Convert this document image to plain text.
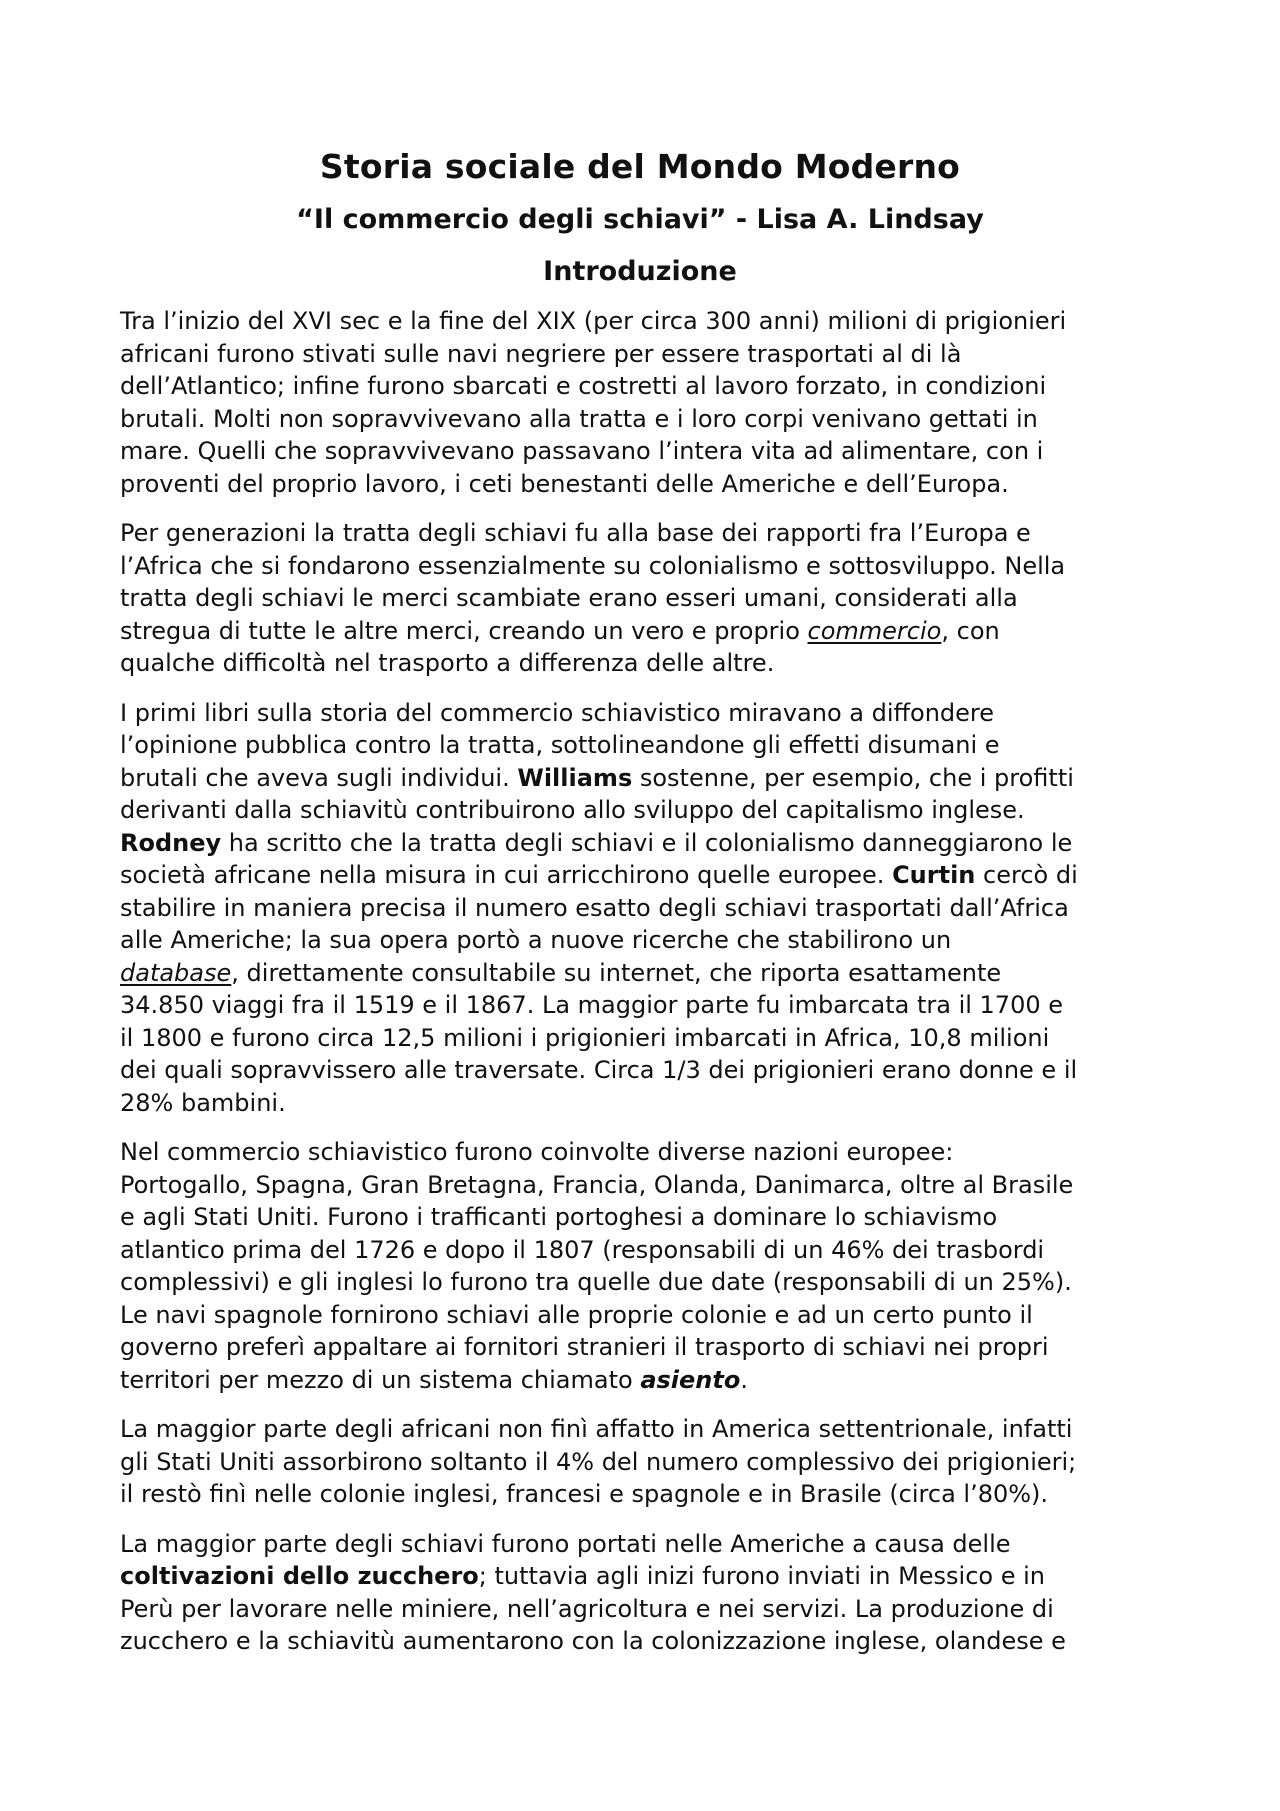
Storia sociale del Mondo Moderno
“Il commercio degli schiavi” - Lisa A. Lindsay
Introduzione

Tra l’inizio del XVI sec e la fine del XIX (per circa 300 anni) milioni di prigionieri
africani furono stivati sulle navi negriere per essere trasportati al di là
dell’Atlantico; infine furono sbarcati e costretti al lavoro forzato, in condizioni
brutali. Molti non sopravvivevano alla tratta e i loro corpi venivano gettati in
mare. Quelli che sopravvivevano passavano l’intera vita ad alimentare, con i
proventi del proprio lavoro, i ceti benestanti delle Americhe e dell’Europa.

Per generazioni la tratta degli schiavi fu alla base dei rapporti fra l’Europa e
l’Africa che si fondarono essenzialmente su colonialismo e sottosviluppo. Nella
tratta degli schiavi le merci scambiate erano esseri umani, considerati alla
stregua di tutte le altre merci, creando un vero e proprio commercio, con
qualche difficoltà nel trasporto a differenza delle altre.

I primi libri sulla storia del commercio schiavistico miravano a diffondere
l’opinione pubblica contro la tratta, sottolineandone gli effetti disumani e
brutali che aveva sugli individui. Williams sostenne, per esempio, che i profitti
derivanti dalla schiavitù contribuirono allo sviluppo del capitalismo inglese.
Rodney ha scritto che la tratta degli schiavi e il colonialismo danneggiarono le
società africane nella misura in cui arricchirono quelle europee. Curtin cercò di
stabilire in maniera precisa il numero esatto degli schiavi trasportati dall’Africa
alle Americhe; la sua opera portò a nuove ricerche che stabilirono un
database, direttamente consultabile su internet, che riporta esattamente
34.850 viaggi fra il 1519 e il 1867. La maggior parte fu imbarcata tra il 1700 e
il 1800 e furono circa 12,5 milioni i prigionieri imbarcati in Africa, 10,8 milioni
dei quali sopravvissero alle traversate. Circa 1/3 dei prigionieri erano donne e il
28% bambini.

Nel commercio schiavistico furono coinvolte diverse nazioni europee:
Portogallo, Spagna, Gran Bretagna, Francia, Olanda, Danimarca, oltre al Brasile
e agli Stati Uniti. Furono i trafficanti portoghesi a dominare lo schiavismo
atlantico prima del 1726 e dopo il 1807 (responsabili di un 46% dei trasbordi
complessivi) e gli inglesi lo furono tra quelle due date (responsabili di un 25%).
Le navi spagnole fornirono schiavi alle proprie colonie e ad un certo punto il
governo preferì appaltare ai fornitori stranieri il trasporto di schiavi nei propri
territori per mezzo di un sistema chiamato asiento.

La maggior parte degli africani non finì affatto in America settentrionale, infatti
gli Stati Uniti assorbirono soltanto il 4% del numero complessivo dei prigionieri;
il restò finì nelle colonie inglesi, francesi e spagnole e in Brasile (circa l’80%).

La maggior parte degli schiavi furono portati nelle Americhe a causa delle
coltivazioni dello zucchero; tuttavia agli inizi furono inviati in Messico e in
Perù per lavorare nelle miniere, nell’agricoltura e nei servizi. La produzione di
zucchero e la schiavitù aumentarono con la colonizzazione inglese, olandese e
